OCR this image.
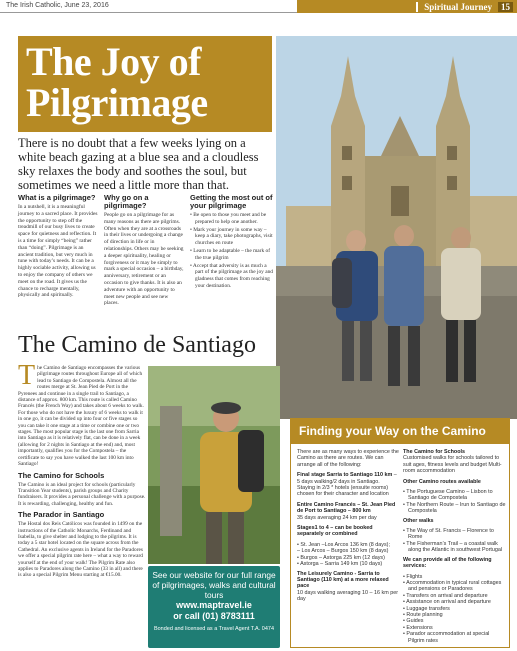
The Irish Catholic, June 23, 2016	Spiritual Journey	15
The Joy of
Pilgrimage
There is no doubt that a few weeks lying on a white beach gazing at a blue sea and a cloudless sky relaxes the body and soothes the soul, but sometimes we need a little more than that.
What is a pilgrimage?
In a nutshell, it is a meaningful journey to a sacred place. It provides the opportunity to step off the treadmill of our busy lives to create space for quietness and reflection. It is a time for simply “being” rather than “doing”. Pilgrimage is an ancient tradition, but very much in tune with today’s needs. It can be a highly sociable activity, allowing us to enjoy the company of others we meet on the road. It gives us the chance to recharge mentally, physically and spiritually.
Why go on a pilgrimage?
People go on a pilgrimage for as many reasons as there are pilgrims. Often when they are at a crossroads in their lives or undergoing a change of direction in life or in relationships. Others may be seeking a deeper spirituality, healing or forgiveness or it may be simply to mark a special occasion – a birthday, anniversary, retirement or an occasion to give thanks. It is also an adventure with an opportunity to meet new people and see new places.
Getting the most out of your pilgrimage
• Be open to those you meet and be prepared to help one another.
• Mark your journey in some way – keep a diary, take photographs, visit churches en route
• Learn to be adaptable – the mark of the true pilgrim
• Accept that adversity is as much a part of the pilgrimage as the joy and gladness that comes from reaching your destination.
The Camino de Santiago
The Camino de Santiago encompasses the various pilgrimage routes throughout Europe all of which lead to Santiago de Compostela. Almost all the routes merge at St. Jean Pied de Port in the Pyrenees and continue in a single trail to Santiago, a distance of approx. 800 km. This route is called Camino Francés (the French Way) and takes about 6 weeks to walk. For those who do not have the luxury of 6 weeks to walk it in one go, it can be divided up into four or five stages so you can take it one stage at a time or combine one or two stages. The most popular stage is the last one from Sarria into Santiago as it is relatively flat, can be done in a week (allowing for 2 nights in Santiago at the end) and, most importantly, qualifies you for the Compostela – the certificate to say you have walked the last 100 km into Santiago!
The Camino for Schools
The Camino is an ideal project for schools (particularly Transition Year students), parish groups and Charity fundraisers. It provides a personal challenge with a purpose. It is rewarding, challenging, healthy and fun.
The Parador in Santiago
The Hostal dos Reis Católicos was founded in 1499 on the instructions of the Catholic Monarchs, Ferdinand and Isabella, to give shelter and lodging to the pilgrims. It is today a 5 star hotel located on the square across from the Cathedral. An exclusive agents in Ireland for the Paradores we offer a special pilgrim rate here – what a way to reward yourself at the end of your walk! The Pilgrim Rate also applies to Paradores along the Camino (33 in all) and there is also a special Pilgrim Menu starting at €15.00.	See our website for our full range of pilgrimages, walks and cultural tours
www.maptravel.ie
or call (01) 8783111
Bonded and licensed as a Travel Agent T.A. 0474
Finding your Way on the Camino

There are as many ways to experience the Camino as there are routes. We can arrange all of the following:

Final stage Sarria to Santiago 110 km – 5 days walking/2 days in Santiago. Staying in 2/3 * hotels (ensuite rooms) chosen for their character and location

Entire Camino Francés – St. Jean Pied de Port to Santiago – 800 km
35 days averaging 24 km per day

Stages1 to 4 – can be booked separately or combined

• St. Jean –Los Arcos 136 km (8 days);
– Los Arcos – Burgos 150 km (8 days)
• Burgos – Astorga 225 km (12 days)
• Astorga – Sarria 149 km (10 days)

The Leisurely Camino - Sarria to Santiago (110 km) at a more relaxed pace
10 days walking averaging 10 – 16 km per day

The Camino for Schools
Customised walks for schools tailored to suit ages, fitness levels and budget Multi-room accommodation

Other Camino routes available

• The Portuguese Camino – Lisbon to Santiago de Compostela
• The Northern Route – Irun to Santiago de Compostela

Other walks

• The Way of St. Francis – Florence to Rome
• The Fisherman’s Trail – a coastal walk along the Atlantic in southwest Portugal

We can provide all of the following services:

• Flights
• Accommodation in typical rural cottages and pensions or Paradores
• Transfers on arrival and departure
• Assistance on arrival and departure
• Luggage transfers
• Route planning
• Guides
• Extensions
• Parador accommodation at special Pilgrim rates
